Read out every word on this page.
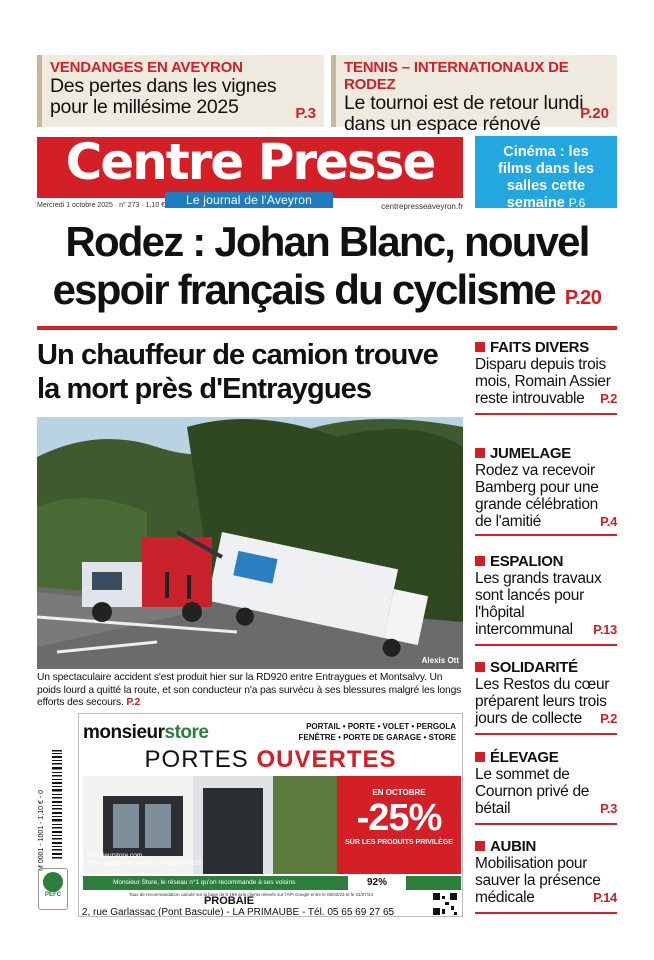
VENDANGES EN AVEYRON
Des pertes dans les vignes pour le millésime 2025	P.3
TENNIS – INTERNATIONAUX DE RODEZ
Le tournoi est de retour lundi dans un espace rénové	P.20
Centre Presse
Le journal de l'Aveyron
Mercredi 1 octobre 2025 · n° 273 · 1,10 €	centrepresseaveyron.fr
Cinéma : les films dans les salles cette semaine P.6
Rodez : Johan Blanc, nouvel espoir français du cyclisme P.20
Un chauffeur de camion trouve la mort près d'Entraygues
Alexis Ott
Un spectaculaire accident s'est produit hier sur la RD920 entre Entraygues et Montsalvy. Un poids lourd a quitté la route, et son conducteur n'a pas survécu à ses blessures malgré les longs efforts des secours. P.2
M 0001 - 1001 - 1,10 € - 0
PEFC
monsieurstore	PORTAIL • PORTE • VOLET • PERGOLA
FENÊTRE • PORTE DE GARAGE • STORE
PORTES OUVERTES
EN OCTOBRE
-25%
SUR LES PRODUITS PRIVILÈGE
monsieurstore.com
Offre valable du 1er au 31 octobre 2025
Monsieur Store, le réseau n°1 qu'on recommande à ses voisins	92%
Taux de recommandation calculé sur la base de 8 199 avis clients relevés sur l'API Google entre le 09/02/23 et le 31/07/24
PROBAIE
2, rue Garlassac (Pont Bascule) - LA PRIMAUBE - Tél. 05 65 69 27 65
FAITS DIVERS
Disparu depuis trois mois, Romain Assier reste introuvable P.2
JUMELAGE
Rodez va recevoir Bamberg pour une grande célébration de l'amitié	P.4
ESPALION
Les grands travaux sont lancés pour l'hôpital intercommunal P.13
SOLIDARITÉ
Les Restos du cœur préparent leurs trois jours de collecte P.2
ÉLEVAGE
Le sommet de Cournon privé de bétail	P.3
AUBIN
Mobilisation pour sauver la présence médicale	P.14
